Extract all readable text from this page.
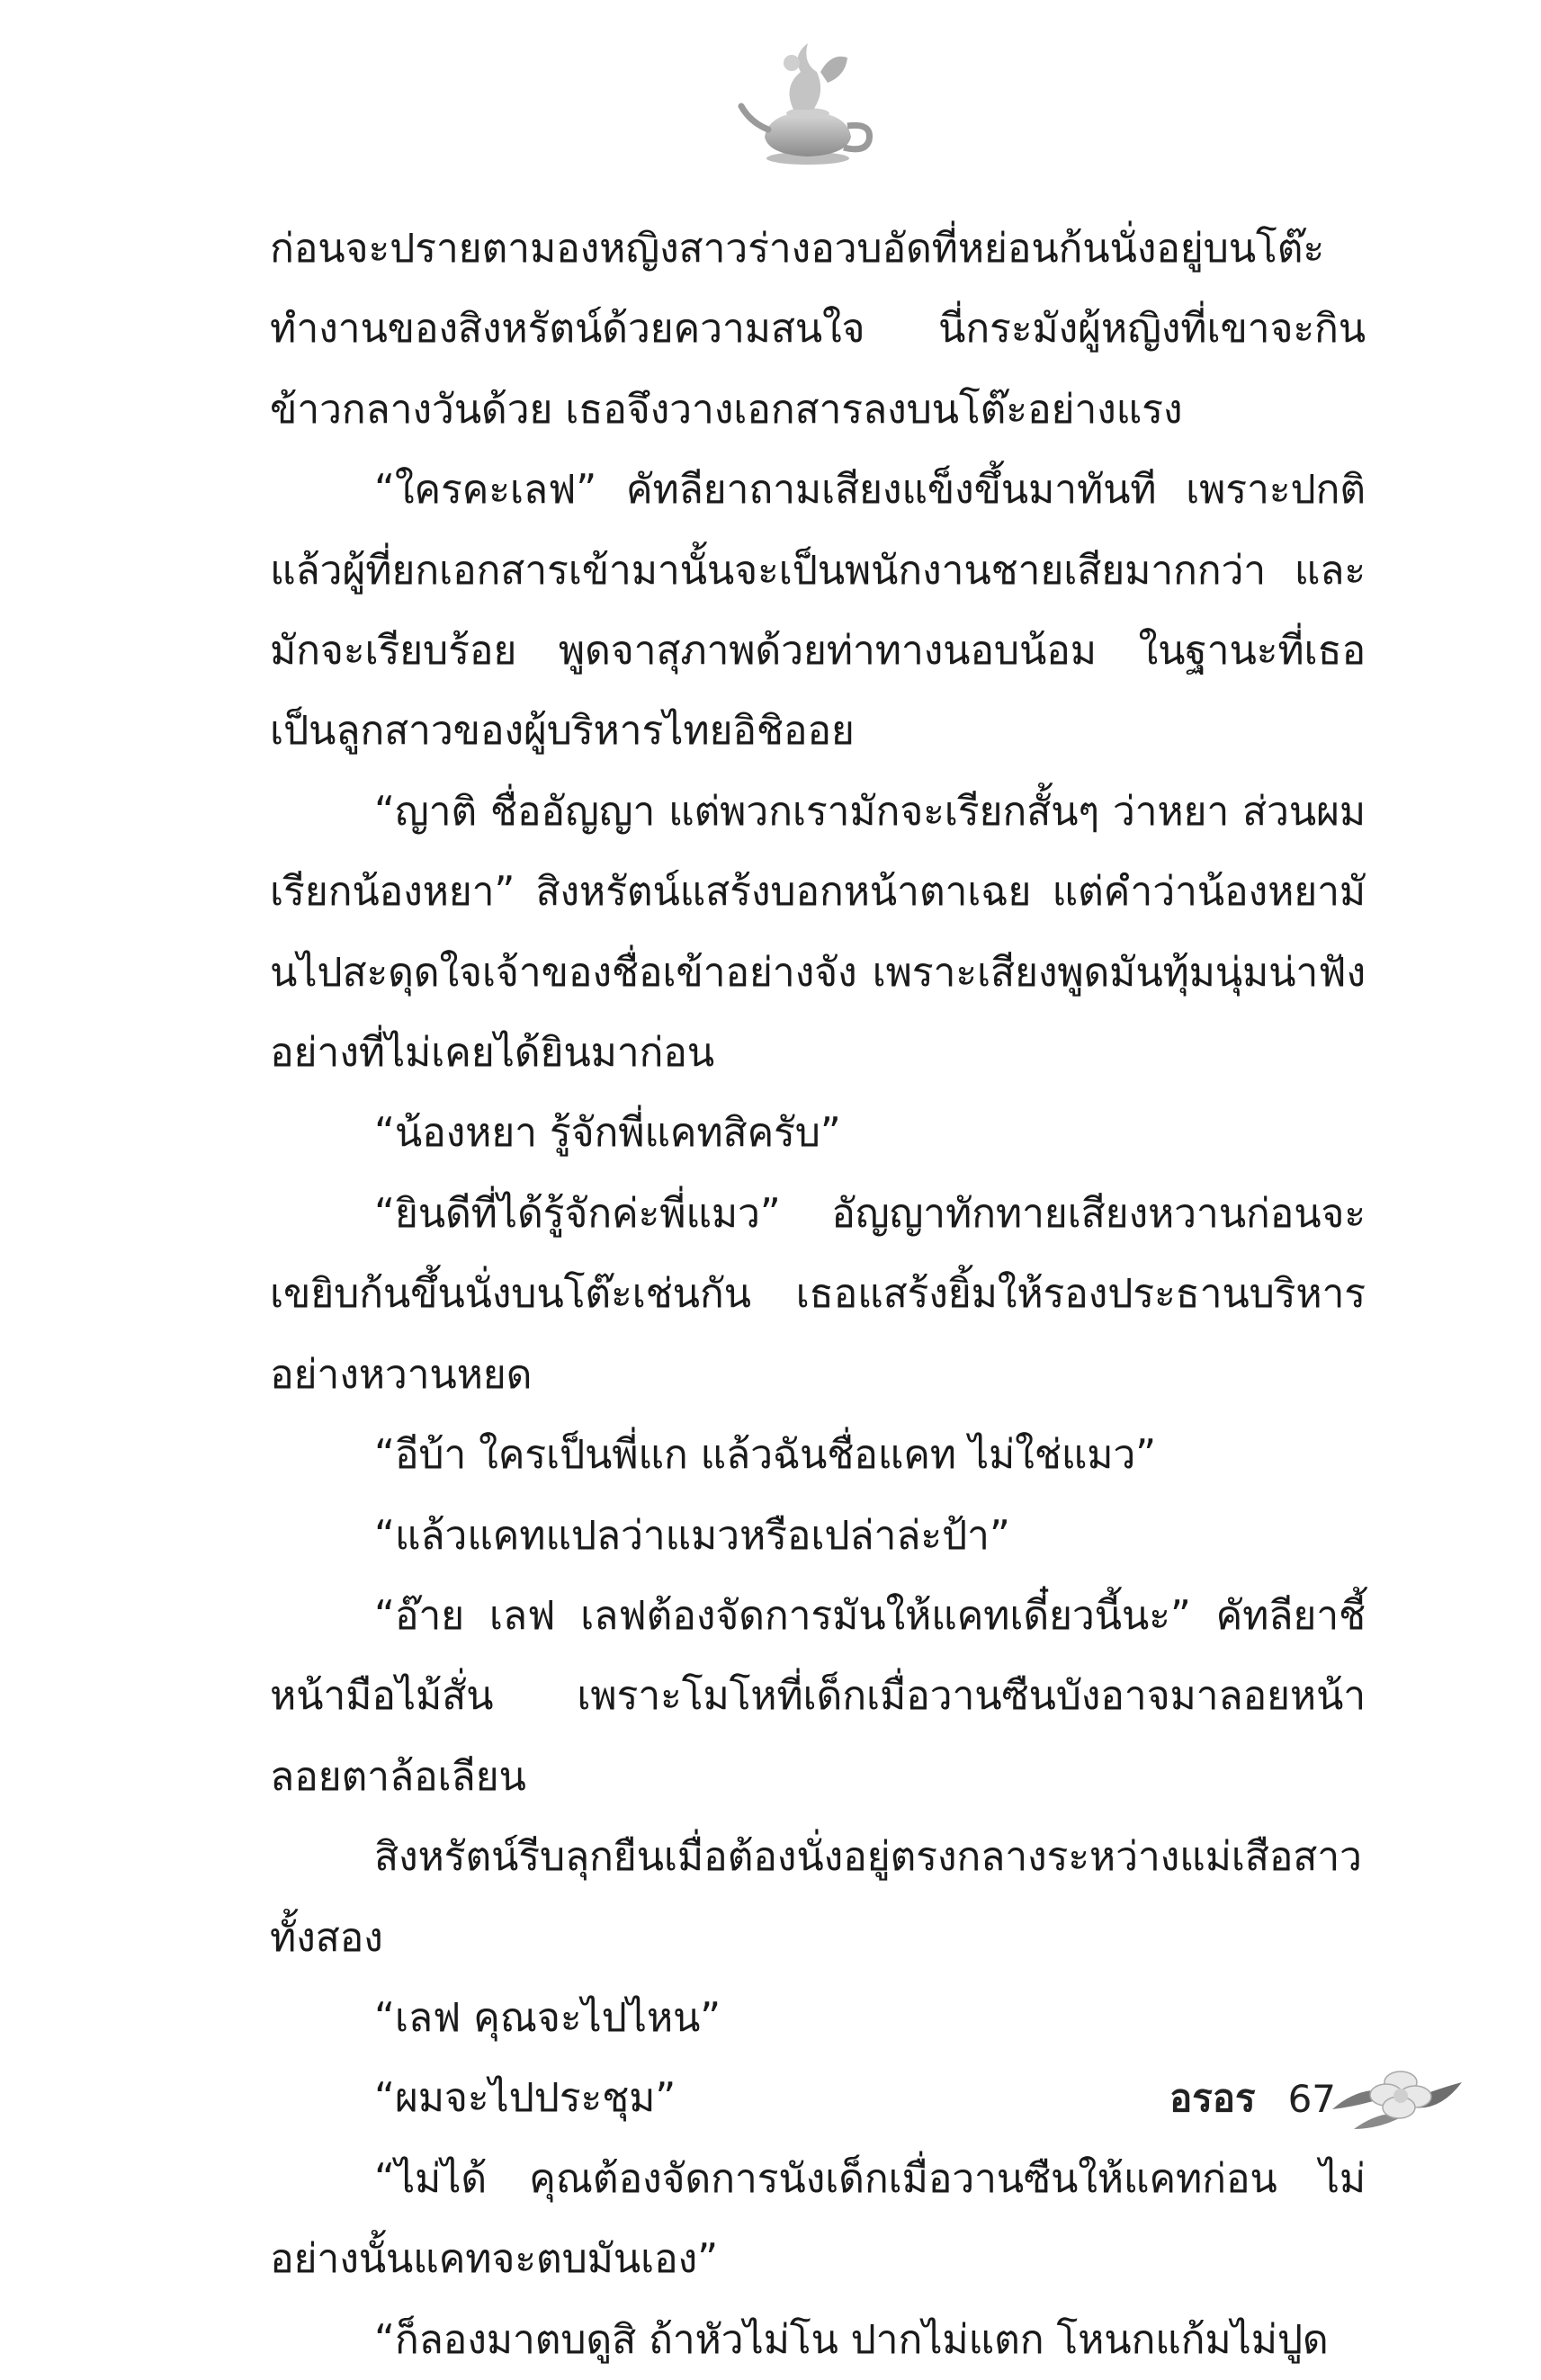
ก่อนจะปรายตามองหญิงสาวร่างอวบอัดที่หย่อนก้นนั่งอยู่บนโต๊ะทำงานของสิงหรัตน์ด้วยความสนใจ นี่กระมังผู้หญิงที่เขาจะกินข้าวกลางวันด้วย เธอจึงวางเอกสารลงบนโต๊ะอย่างแรง

“ใครคะเลฟ” คัทลียาถามเสียงแข็งขึ้นมาทันที เพราะปกติแล้วผู้ที่ยกเอกสารเข้ามานั้นจะเป็นพนักงานชายเสียมากกว่า และมักจะเรียบร้อย พูดจาสุภาพด้วยท่าทางนอบน้อม ในฐานะที่เธอเป็นลูกสาวของผู้บริหารไทยอิชิออย

“ญาติ ชื่ออัญญา แต่พวกเรามักจะเรียกสั้นๆ ว่าหยา ส่วนผมเรียกน้องหยา” สิงหรัตน์แสร้งบอกหน้าตาเฉย แต่คำว่าน้องหยามันไปสะดุดใจเจ้าของชื่อเข้าอย่างจัง เพราะเสียงพูดมันทุ้มนุ่มน่าฟังอย่างที่ไม่เคยได้ยินมาก่อน

“น้องหยา รู้จักพี่แคทสิครับ”

“ยินดีที่ได้รู้จักค่ะพี่แมว” อัญญาทักทายเสียงหวานก่อนจะเขยิบก้นขึ้นนั่งบนโต๊ะเช่นกัน เธอแสร้งยิ้มให้รองประธานบริหารอย่างหวานหยด

“อีบ้า ใครเป็นพี่แก แล้วฉันชื่อแคท ไม่ใช่แมว”

“แล้วแคทแปลว่าแมวหรือเปล่าล่ะป้า”

“อ๊าย เลฟ เลฟต้องจัดการมันให้แคทเดี๋ยวนี้นะ” คัทลียาชี้หน้ามือไม้สั่น เพราะโมโหที่เด็กเมื่อวานซืนบังอาจมาลอยหน้าลอยตาล้อเลียน

สิงหรัตน์รีบลุกยืนเมื่อต้องนั่งอยู่ตรงกลางระหว่างแม่เสือสาวทั้งสอง

“เลฟ คุณจะไปไหน”

“ผมจะไปประชุม”

“ไม่ได้ คุณต้องจัดการนังเด็กเมื่อวานซืนให้แคทก่อน ไม่อย่างนั้นแคทจะตบมันเอง”

“ก็ลองมาตบดูสิ ถ้าหัวไม่โน ปากไม่แตก โหนกแก้มไม่ปูด

อรอร 67
